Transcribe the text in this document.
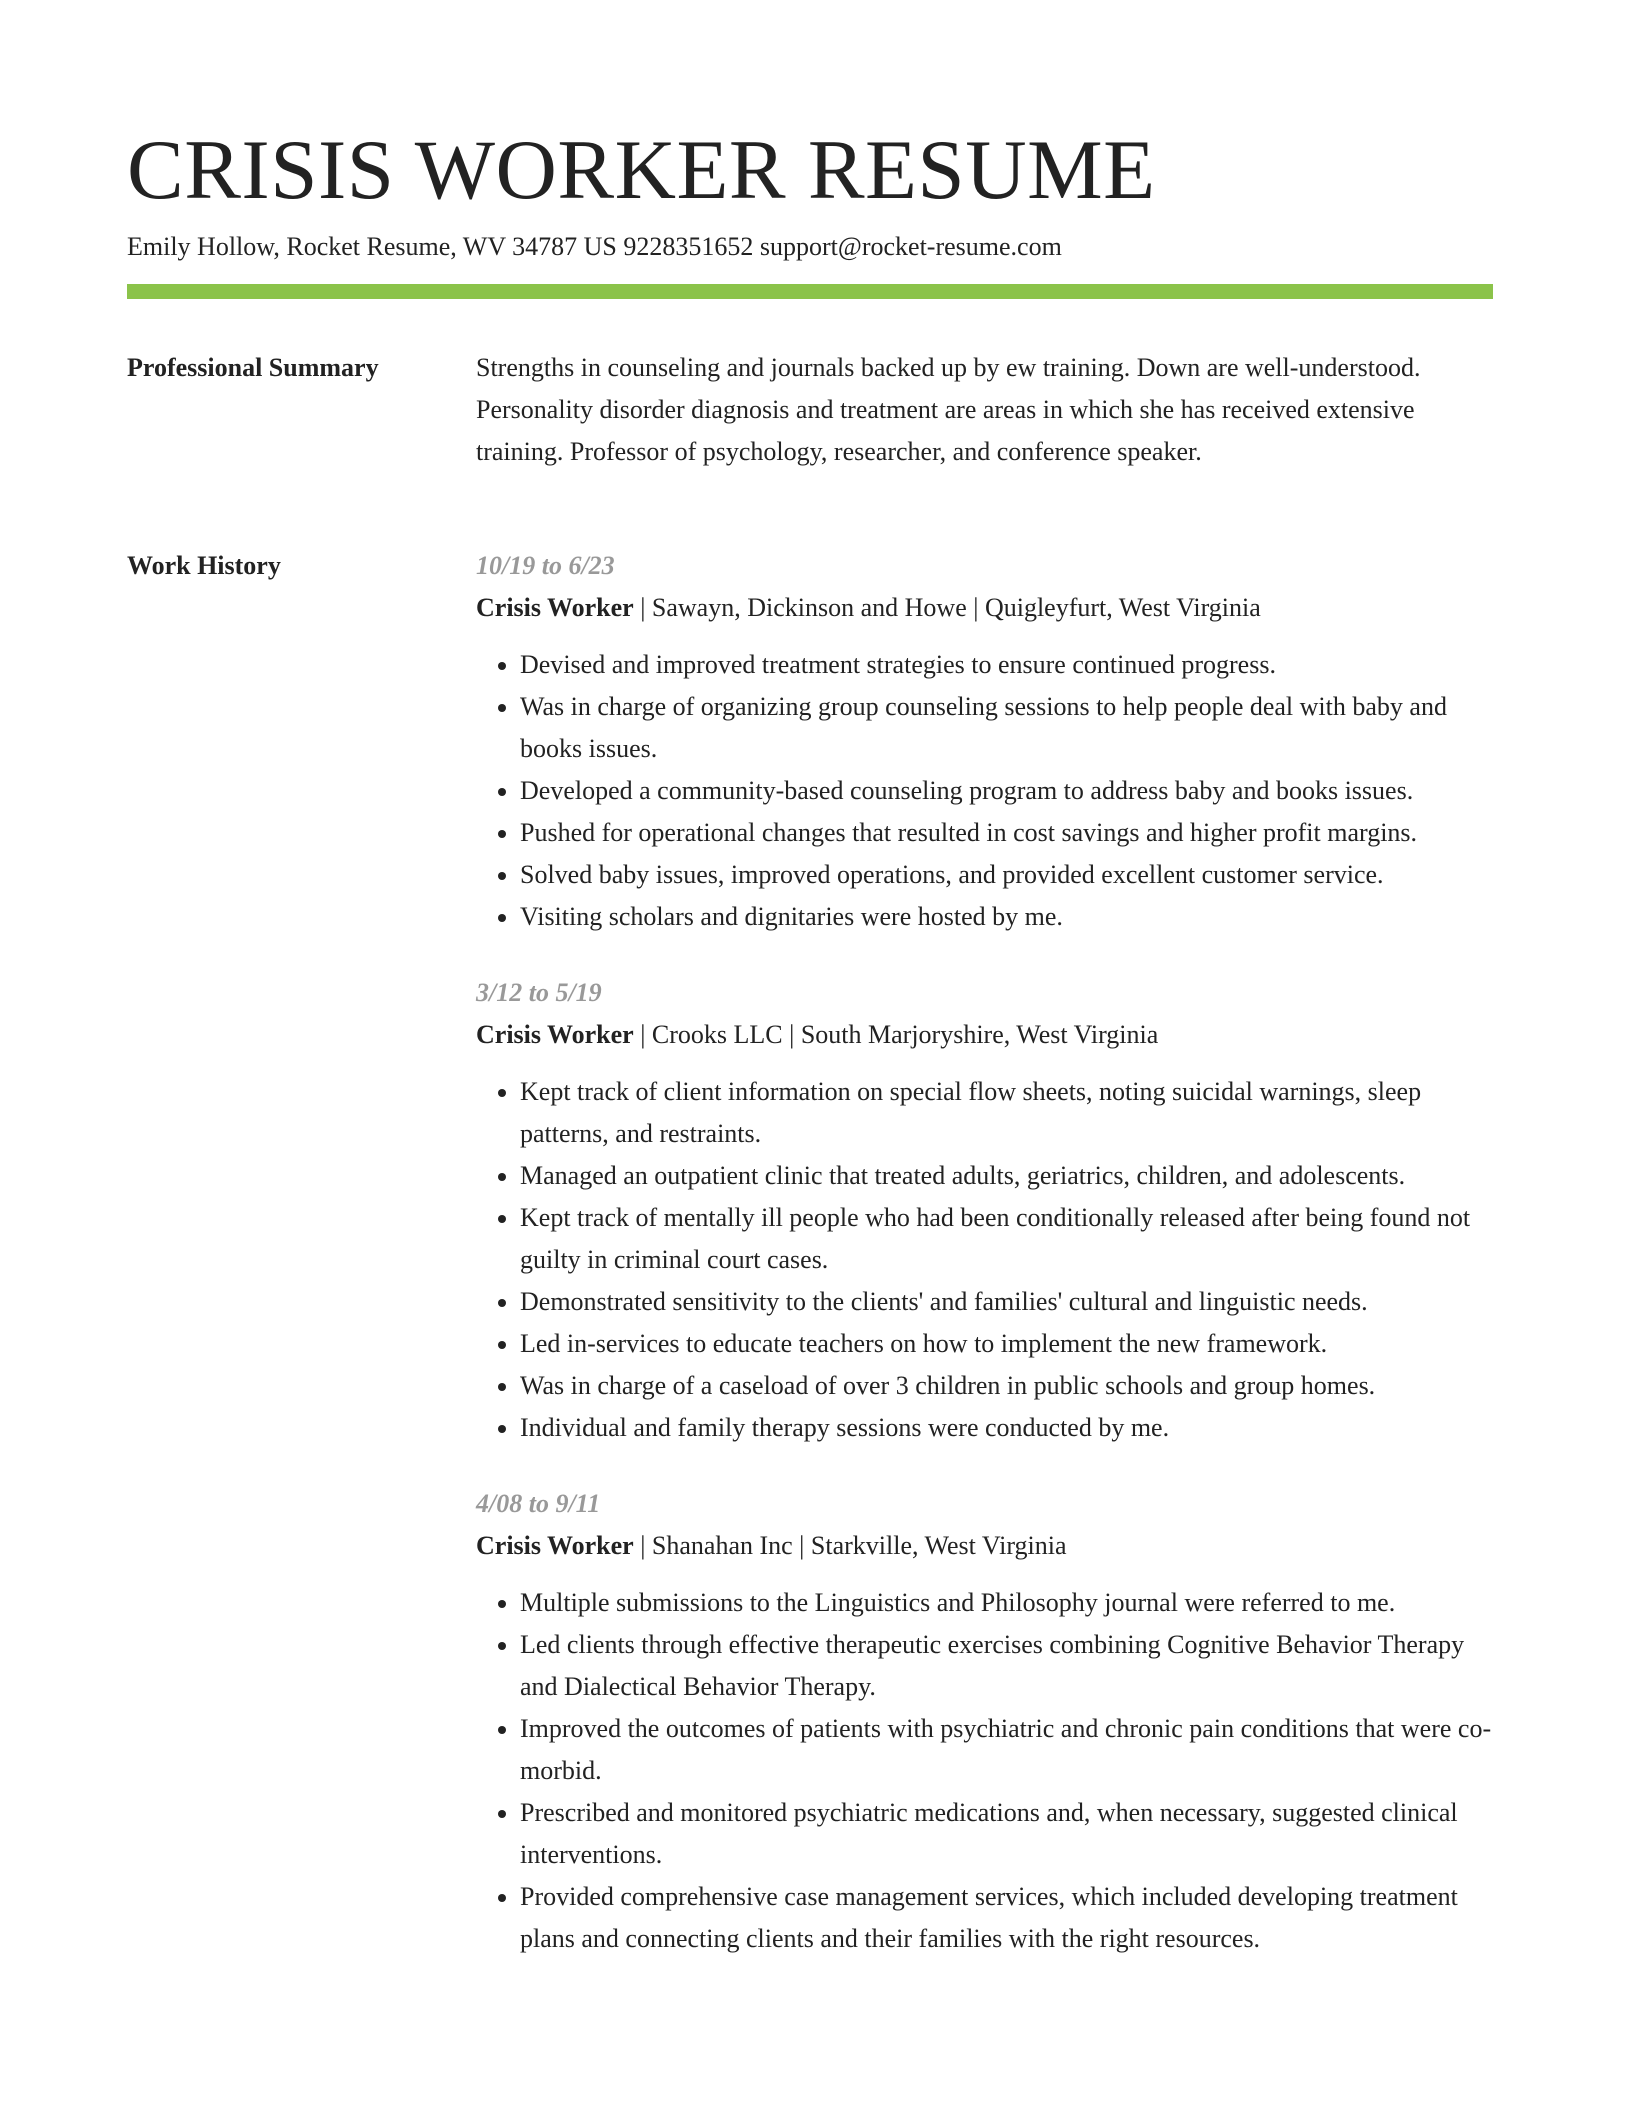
CRISIS WORKER RESUME
Emily Hollow, Rocket Resume, WV 34787 US 9228351652 support@rocket-resume.com
Professional Summary	Strengths in counseling and journals backed up by ew training. Down are well-understood. Personality disorder diagnosis and treatment are areas in which she has received extensive training. Professor of psychology, researcher, and conference speaker.

Work History	10/19 to 6/23

Crisis Worker | Sawayn, Dickinson and Howe | Quigleyfurt, West Virginia

• Devised and improved treatment strategies to ensure continued progress.
• Was in charge of organizing group counseling sessions to help people deal with baby and books issues.
• Developed a community-based counseling program to address baby and books issues.
• Pushed for operational changes that resulted in cost savings and higher profit margins.
• Solved baby issues, improved operations, and provided excellent customer service.
• Visiting scholars and dignitaries were hosted by me.

3/12 to 5/19

Crisis Worker | Crooks LLC | South Marjoryshire, West Virginia

• Kept track of client information on special flow sheets, noting suicidal warnings, sleep patterns, and restraints.
• Managed an outpatient clinic that treated adults, geriatrics, children, and adolescents.
• Kept track of mentally ill people who had been conditionally released after being found not guilty in criminal court cases.
• Demonstrated sensitivity to the clients' and families' cultural and linguistic needs.
• Led in-services to educate teachers on how to implement the new framework.
• Was in charge of a caseload of over 3 children in public schools and group homes.
• Individual and family therapy sessions were conducted by me.

4/08 to 9/11

Crisis Worker | Shanahan Inc | Starkville, West Virginia

• Multiple submissions to the Linguistics and Philosophy journal were referred to me.
• Led clients through effective therapeutic exercises combining Cognitive Behavior Therapy and Dialectical Behavior Therapy.
• Improved the outcomes of patients with psychiatric and chronic pain conditions that were co-morbid.
• Prescribed and monitored psychiatric medications and, when necessary, suggested clinical interventions.
• Provided comprehensive case management services, which included developing treatment plans and connecting clients and their families with the right resources.
